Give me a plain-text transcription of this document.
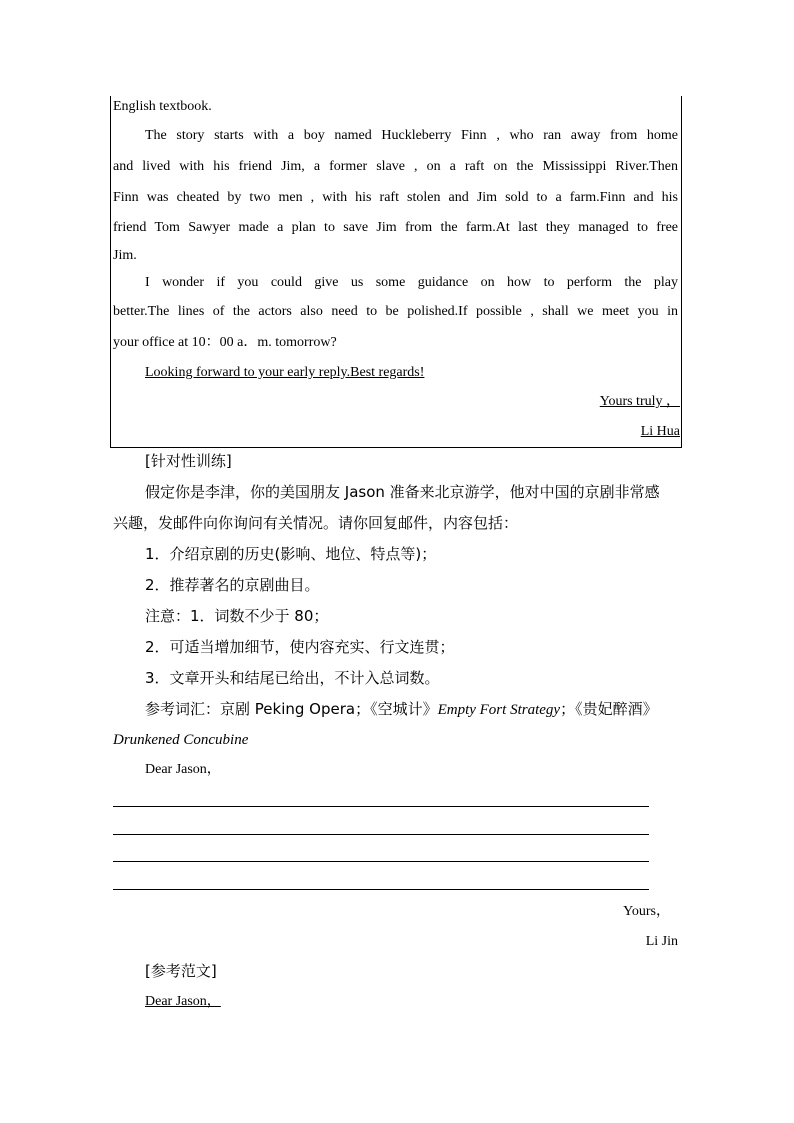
English textbook.
The story starts with a boy named Huckleberry Finn , who ran away from home
and lived with his friend Jim, a former slave , on a raft on the Mississippi River.Then
Finn was cheated by two men , with his raft stolen and Jim sold to a farm.Finn and his
friend Tom Sawyer made a plan to save Jim from the farm.At last they managed to free
Jim.
I wonder if you could give us some guidance on how to perform the play
better.The lines of the actors also need to be polished.If possible , shall we meet you in
your office at 10：00 a．m. tomorrow?
Looking forward to your early reply.Best regards!
Yours truly ，
Li Hua
[针对性训练]
假定你是李津，你的美国朋友 Jason 准备来北京游学，他对中国的京剧非常感
兴趣，发邮件向你询问有关情况。请你回复邮件，内容包括：
1．介绍京剧的历史(影响、地位、特点等)；
2．推荐著名的京剧曲目。
注意：1．词数不少于 80；
2．可适当增加细节，使内容充实、行文连贯；
3．文章开头和结尾已给出，不计入总词数。
参考词汇：京剧 Peking Opera；《空城计》Empty Fort Strategy；《贵妃醉酒》
Drunkened Concubine
Dear Jason，
Yours，
Li Jin
[参考范文]
Dear Jason，
